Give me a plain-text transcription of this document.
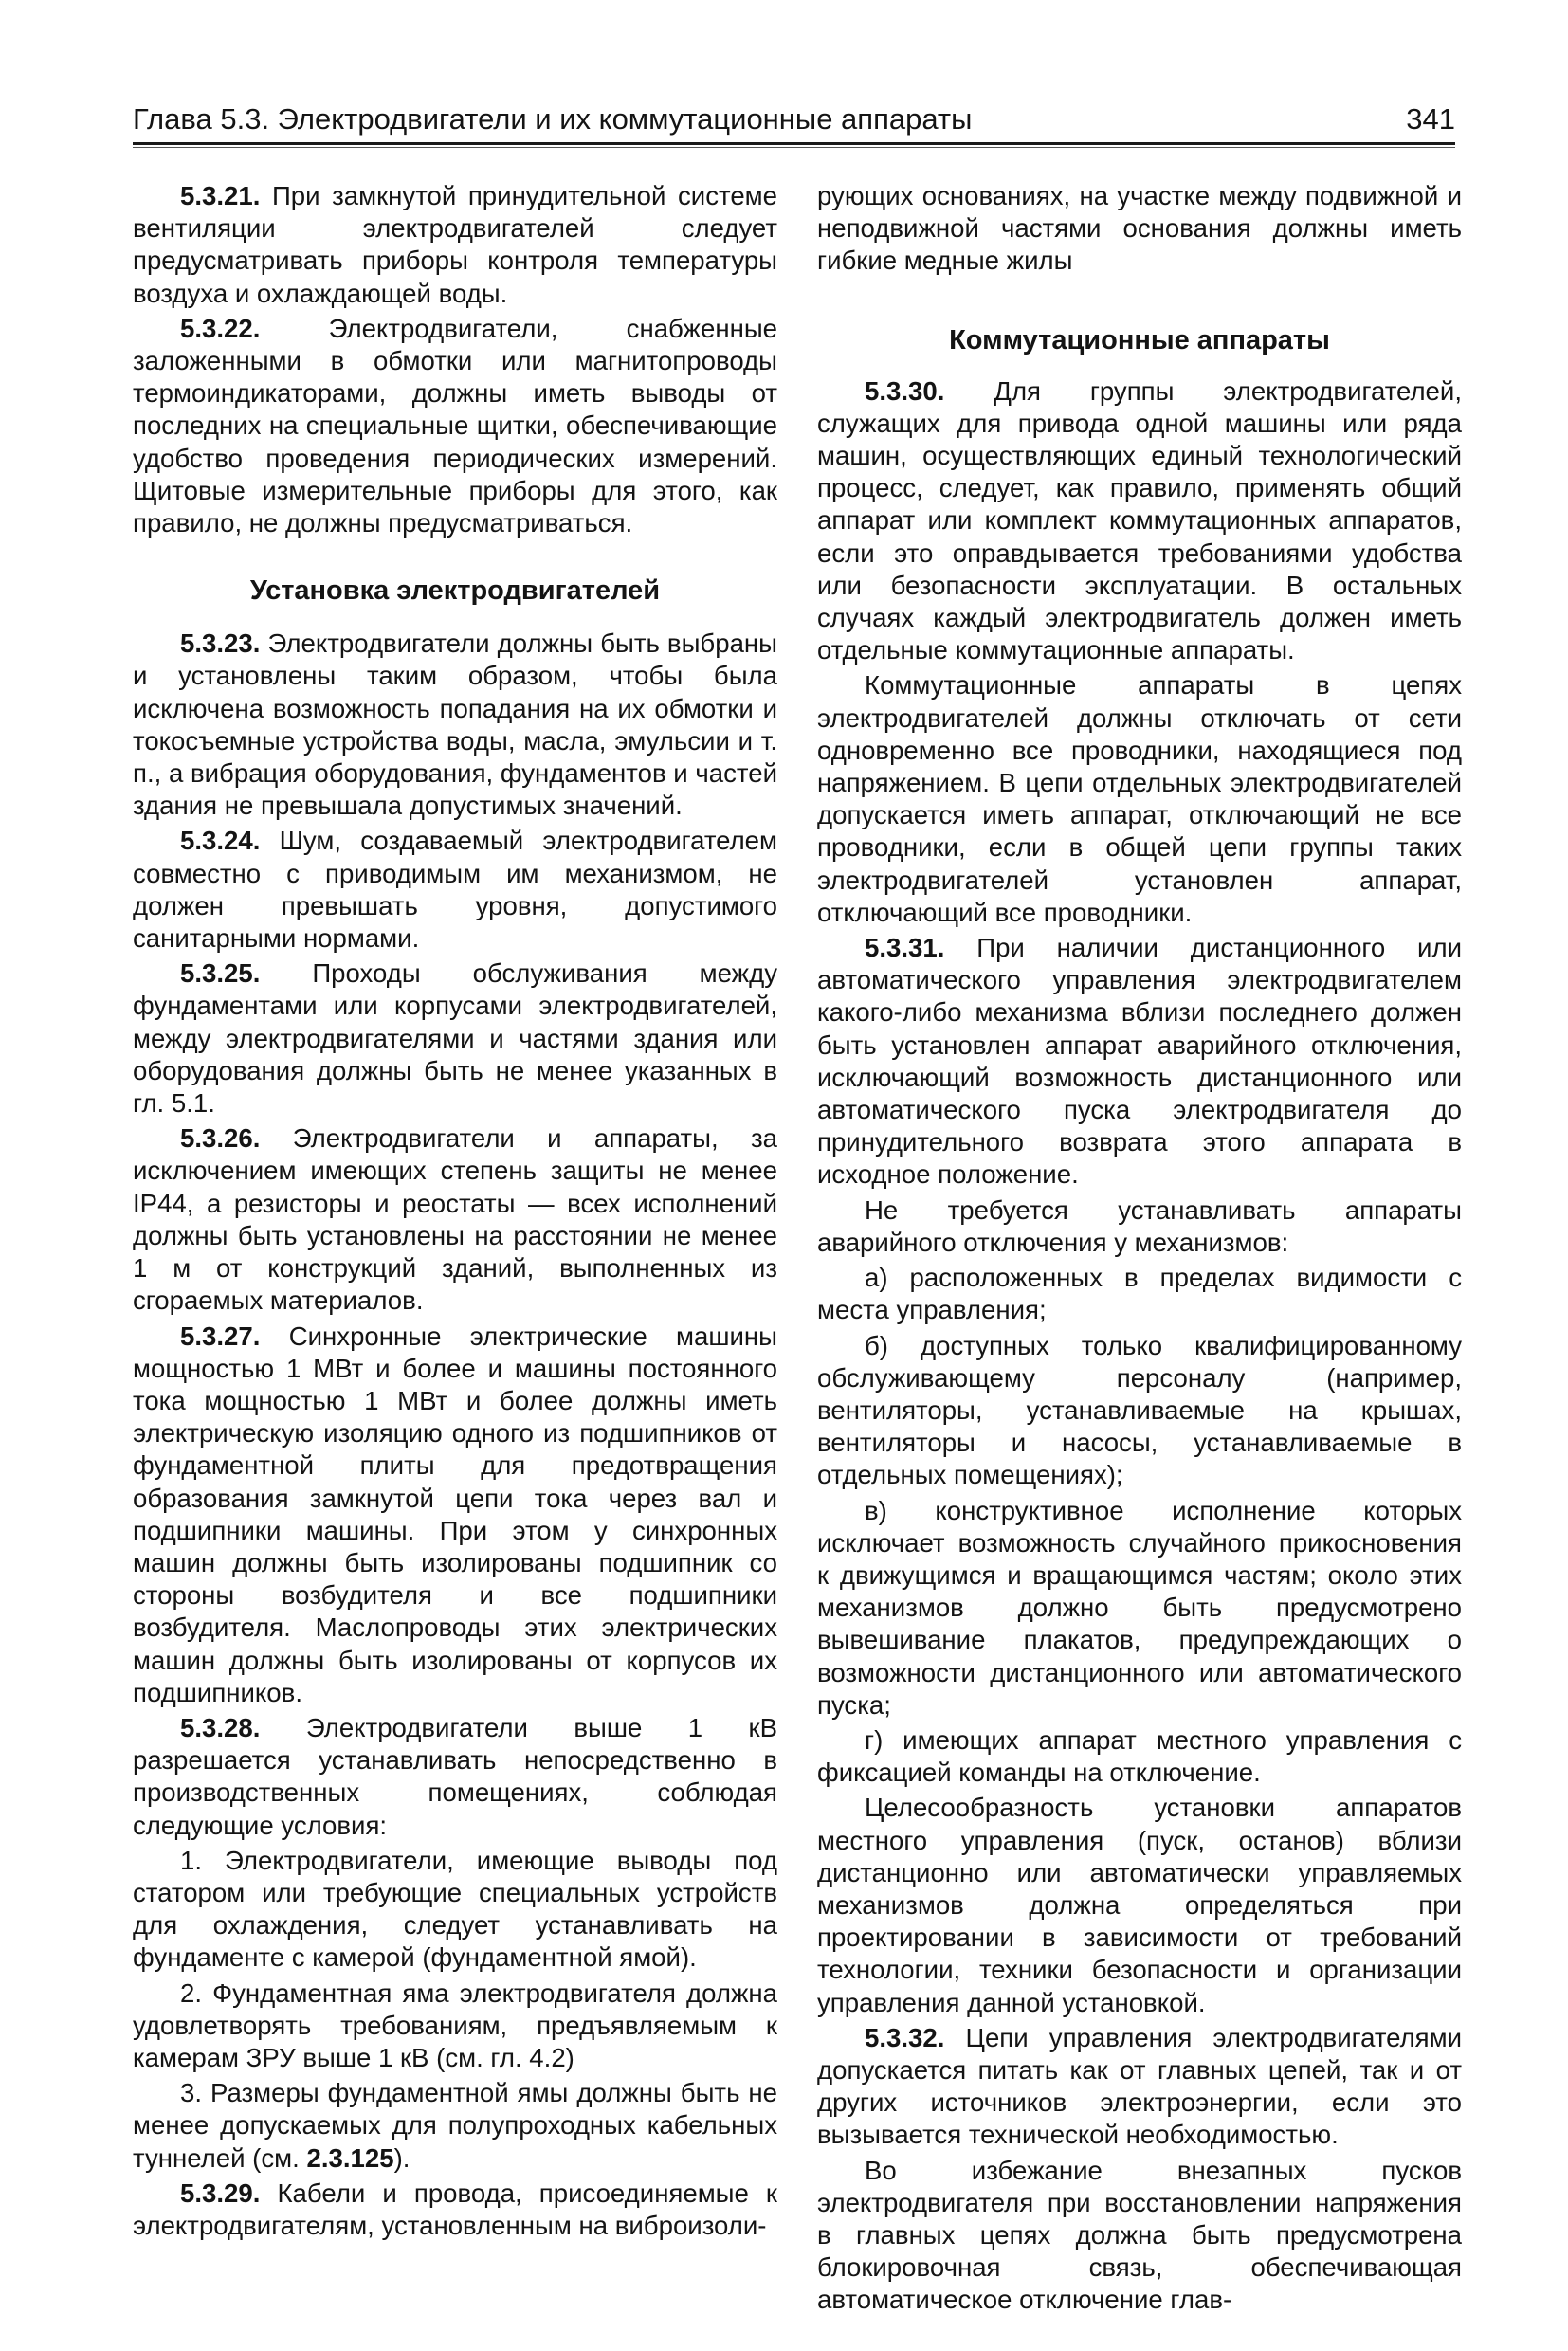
Глава 5.3. Электродвигатели и их коммутационные аппараты	341

5.3.21. При замкнутой принудительной системе вентиляции электродвигателей следует предусматривать приборы контроля температуры воздуха и охлаждающей воды.

5.3.22.	Электродвигатели, снабженные заложенными в обмотки или магнитопроводы термоиндикаторами, должны иметь выводы от последних на специальные щитки, обеспечивающие удобство проведения периодических измерений. Щитовые измерительные приборы для этого, как правило, не должны предусматриваться.

Установка электродвигателей

5.3.23. Электродвигатели должны быть выбраны и установлены таким образом, чтобы была исключена возможность попадания на их обмотки и токосъемные устройства воды, масла, эмульсии и т. п., а вибрация оборудования, фундаментов и частей здания не превышала допустимых значений.

5.3.24. Шум, создаваемый электродвигателем совместно с приводимым им механизмом, не должен превышать уровня, допустимого санитарными нормами.

5.3.25. Проходы обслуживания между фундаментами или корпусами электродвигателей, между электродвигателями и частями здания или оборудования должны быть не менее указанных в гл. 5.1.

5.3.26. Электродвигатели и аппараты, за исключением имеющих степень защиты не менее IP44, а резисторы и реостаты — всех исполнений должны быть установлены на расстоянии не менее 1 м от конструкций зданий, выполненных из сгораемых материалов.

5.3.27. Синхронные электрические машины мощностью 1 МВт и более и машины постоянного тока мощностью 1 МВт и более должны иметь электрическую изоляцию одного из подшипников от фундаментной плиты для предотвращения образования замкнутой цепи тока через вал и подшипники машины. При этом у синхронных машин должны быть изолированы подшипник со стороны возбудителя и все подшипники возбудителя. Маслопроводы этих электрических машин должны быть изолированы от корпусов их подшипников.

5.3.28. Электродвигатели выше 1 кВ разрешается устанавливать непосредственно в производственных помещениях, соблюдая следующие условия:

1. Электродвигатели, имеющие выводы под статором или требующие специальных устройств для охлаждения, следует устанавливать на фундаменте с камерой (фундаментной ямой).

2. Фундаментная яма электродвигателя должна удовлетворять требованиям, предъявляемым к камерам ЗРУ выше 1 кВ (см. гл. 4.2)

3. Размеры фундаментной ямы должны быть не менее допускаемых для полупроходных кабельных туннелей (см. 2.3.125).

5.3.29. Кабели и провода, присоединяемые к электродвигателям, установленным на виброизоли-

рующих основаниях, на участке между подвижной и неподвижной частями основания должны иметь гибкие медные жилы

Коммутационные аппараты

5.3.30. Для группы электродвигателей, служащих для привода одной машины или ряда машин, осуществляющих единый технологический процесс, следует, как правило, применять общий аппарат или комплект коммутационных аппаратов, если это оправдывается требованиями удобства или безопасности эксплуатации. В остальных случаях каждый электродвигатель должен иметь отдельные коммутационные аппараты.

Коммутационные аппараты в цепях электродвигателей должны отключать от сети одновременно все проводники, находящиеся под напряжением. В цепи отдельных электродвигателей допускается иметь аппарат, отключающий не все проводники, если в общей цепи группы таких электродвигателей установлен аппарат, отключающий все проводники.

5.3.31. При наличии дистанционного или автоматического управления электродвигателем какого-либо механизма вблизи последнего должен быть установлен аппарат аварийного отключения, исключающий возможность дистанционного или автоматического пуска электродвигателя до принудительного возврата этого аппарата в исходное положение.

Не требуется устанавливать аппараты аварийного отключения у механизмов:

а) расположенных в пределах видимости с места управления;

б) доступных только квалифицированному обслуживающему персоналу (например, вентиляторы, устанавливаемые на крышах, вентиляторы и насосы, устанавливаемые в отдельных помещениях);

в) конструктивное исполнение которых исключает возможность случайного прикосновения к движущимся и вращающимся частям; около этих механизмов должно быть предусмотрено вывешивание плакатов, предупреждающих о возможности дистанционного или автоматического пуска;

г) имеющих аппарат местного управления с фиксацией команды на отключение.

Целесообразность установки аппаратов местного управления (пуск, останов) вблизи дистанционно или автоматически управляемых механизмов должна определяться при проектировании в зависимости от требований технологии, техники безопасности и организации управления данной установкой.

5.3.32. Цепи управления электродвигателями допускается питать как от главных цепей, так и от других источников электроэнергии, если это вызывается технической необходимостью.

Во избежание внезапных пусков электродвигателя при восстановлении напряжения в главных цепях должна быть предусмотрена блокировочная связь, обеспечивающая автоматическое отключение глав-
